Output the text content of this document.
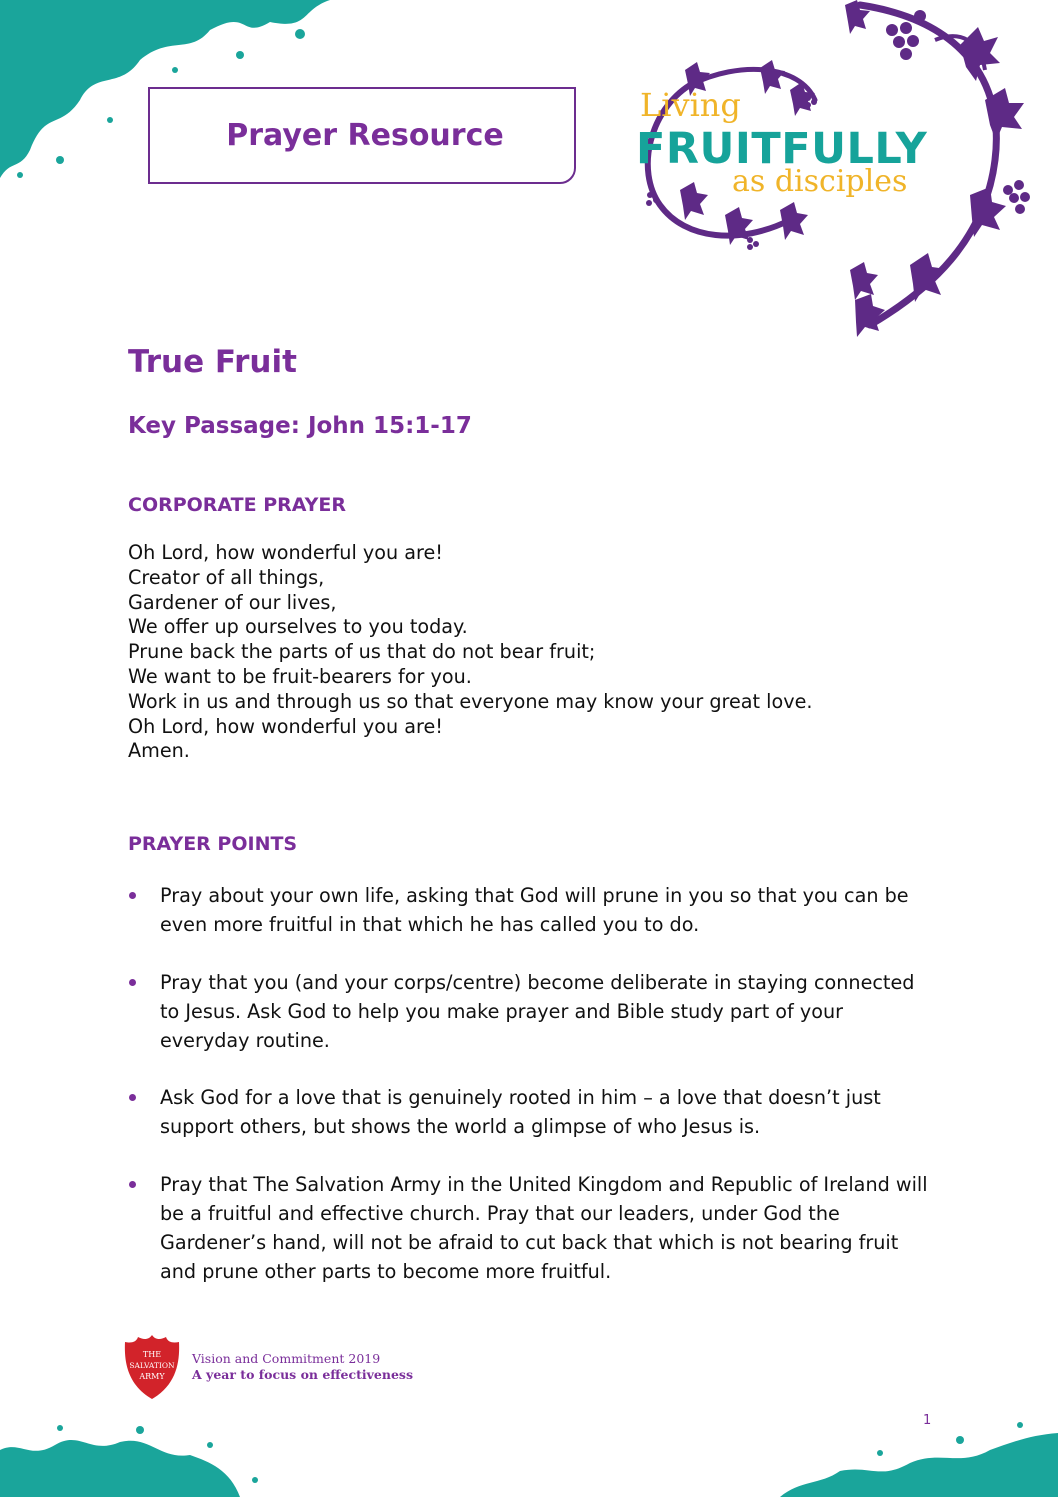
Prayer Resource
Living
FRUITFULLY
as disciples
True Fruit
Key Passage: John 15:1-17
CORPORATE PRAYER
Oh Lord, how wonderful you are!
Creator of all things,
Gardener of our lives,
We offer up ourselves to you today.
Prune back the parts of us that do not bear fruit;
We want to be fruit-bearers for you.
Work in us and through us so that everyone may know your great love.
Oh Lord, how wonderful you are!
Amen.
PRAYER POINTS
Pray about your own life, asking that God will prune in you so that you can be even more fruitful in that which he has called you to do.
Pray that you (and your corps/centre) become deliberate in staying connected to Jesus. Ask God to help you make prayer and Bible study part of your everyday routine.
Ask God for a love that is genuinely rooted in him – a love that doesn’t just support others, but shows the world a glimpse of who Jesus is.
Pray that The Salvation Army in the United Kingdom and Republic of Ireland will be a fruitful and effective church. Pray that our leaders, under God the Gardener’s hand, will not be afraid to cut back that which is not bearing fruit and prune other parts to become more fruitful.
THE
SALVATION
ARMY
Vision and Commitment 2019
A year to focus on effectiveness
1
